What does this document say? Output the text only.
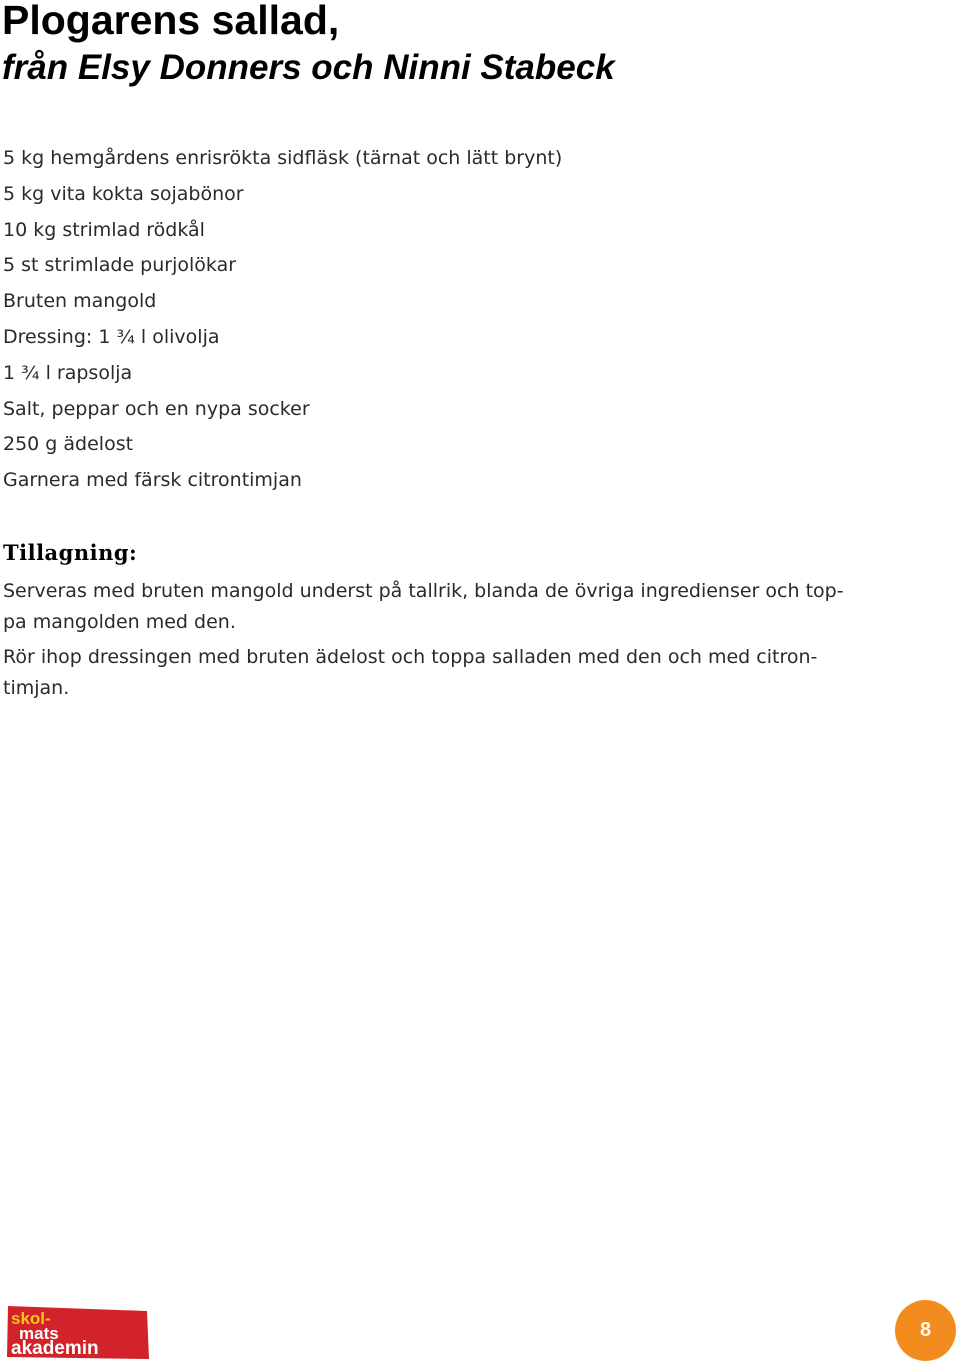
Plogarens sallad,
från Elsy Donners och Ninni Stabeck
5 kg hemgårdens enrisrökta sidfläsk (tärnat och lätt brynt)
5 kg vita kokta sojabönor
10 kg strimlad rödkål
5 st strimlade purjolökar
Bruten mangold
Dressing: 1 ¾ l olivolja
1 ¾ l rapsolja
Salt, peppar och en nypa socker
250 g ädelost
Garnera med färsk citrontimjan
Tillagning:

Serveras med bruten mangold underst på tallrik, blanda de övriga ingredienser och top-pa mangolden med den.

Rör ihop dressingen med bruten ädelost och toppa salladen med den och med citron-timjan.

skol-
mats
akademin
8
